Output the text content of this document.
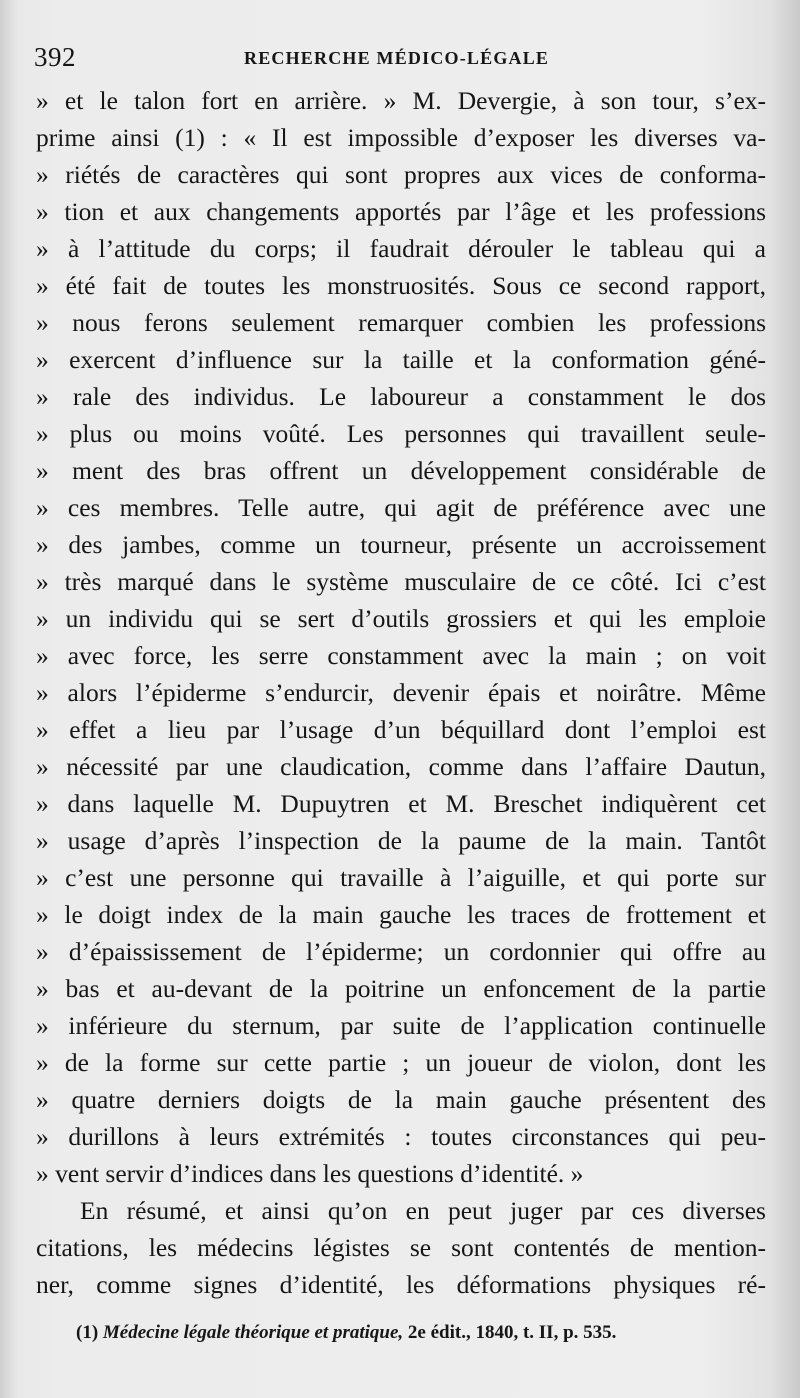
392	RECHERCHE MÉDICO-LÉGALE
» et le talon fort en arrière. » M. Devergie, à son tour, s’ex-
prime ainsi (1) : « Il est impossible d’exposer les diverses va-
» riétés de caractères qui sont propres aux vices de conforma-
» tion et aux changements apportés par l’âge et les professions
» à l’attitude du corps; il faudrait dérouler le tableau qui a
» été fait de toutes les monstruosités. Sous ce second rapport,
» nous ferons seulement remarquer combien les professions
» exercent d’influence sur la taille et la conformation géné-
» rale des individus. Le laboureur a constamment le dos
» plus ou moins voûté. Les personnes qui travaillent seule-
» ment des bras offrent un développement considérable de
» ces membres. Telle autre, qui agit de préférence avec une
» des jambes, comme un tourneur, présente un accroissement
» très marqué dans le système musculaire de ce côté. Ici c’est
» un individu qui se sert d’outils grossiers et qui les emploie
» avec force, les serre constamment avec la main ; on voit
» alors l’épiderme s’endurcir, devenir épais et noirâtre. Même
» effet a lieu par l’usage d’un béquillard dont l’emploi est
» nécessité par une claudication, comme dans l’affaire Dautun,
» dans laquelle M. Dupuytren et M. Breschet indiquèrent cet
» usage d’après l’inspection de la paume de la main. Tantôt
» c’est une personne qui travaille à l’aiguille, et qui porte sur
» le doigt index de la main gauche les traces de frottement et
» d’épaississement de l’épiderme; un cordonnier qui offre au
» bas et au-devant de la poitrine un enfoncement de la partie
» inférieure du sternum, par suite de l’application continuelle
» de la forme sur cette partie ; un joueur de violon, dont les
» quatre derniers doigts de la main gauche présentent des
» durillons à leurs extrémités : toutes circonstances qui peu-
» vent servir d’indices dans les questions d’identité. »
En résumé, et ainsi qu’on en peut juger par ces diverses
citations, les médecins légistes se sont contentés de mention-
ner, comme signes d’identité, les déformations physiques ré-
(1) Médecine légale théorique et pratique, 2e édit., 1840, t. II, p. 535.
